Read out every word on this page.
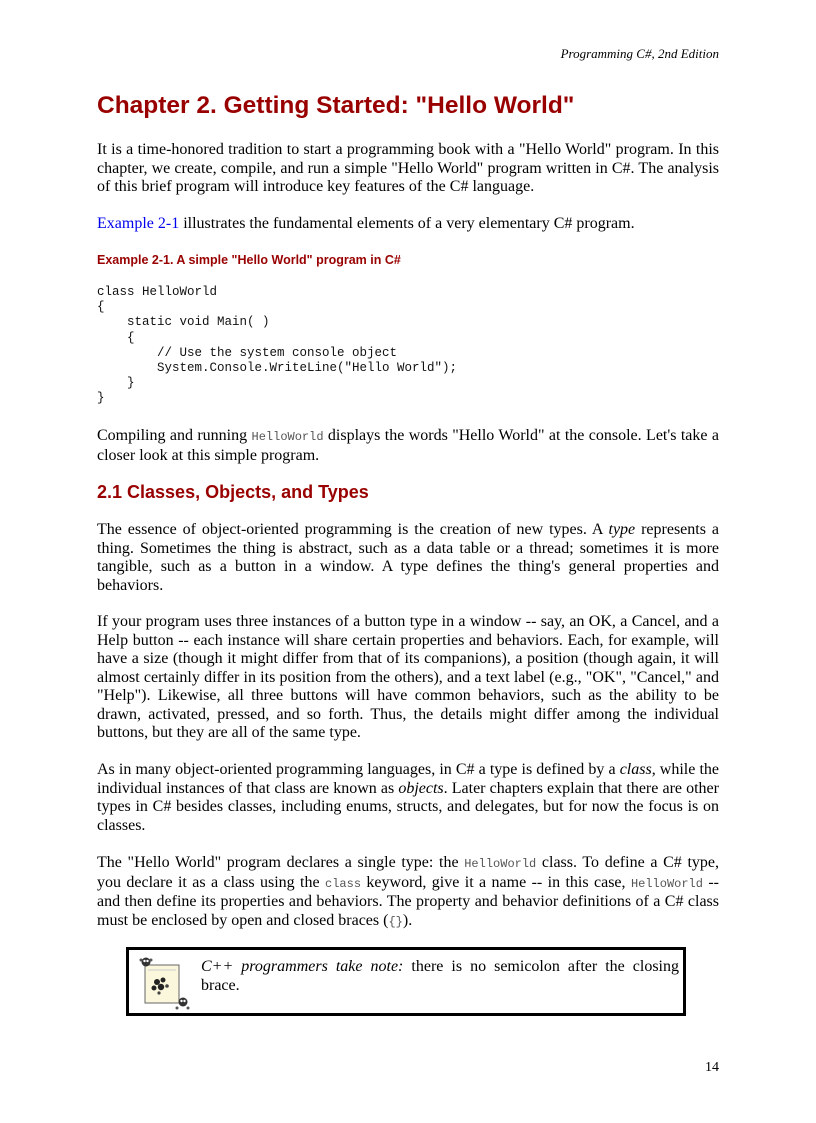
Programming C#, 2nd Edition
Chapter 2. Getting Started: "Hello World"

It is a time-honored tradition to start a programming book with a "Hello World" program. In this chapter, we create, compile, and run a simple "Hello World" program written in C#. The analysis of this brief program will introduce key features of the C# language.

Example 2-1 illustrates the fundamental elements of a very elementary C# program.

Example 2-1. A simple "Hello World" program in C#
class HelloWorld
{
static void Main( )
{
// Use the system console object
System.Console.WriteLine("Hello World");
}
}

Compiling and running HelloWorld displays the words "Hello World" at the console. Let's take a closer look at this simple program.

2.1 Classes, Objects, and Types

The essence of object-oriented programming is the creation of new types. A type represents a thing. Sometimes the thing is abstract, such as a data table or a thread; sometimes it is more tangible, such as a button in a window. A type defines the thing's general properties and behaviors.

If your program uses three instances of a button type in a window -- say, an OK, a Cancel, and a Help button -- each instance will share certain properties and behaviors. Each, for example, will have a size (though it might differ from that of its companions), a position (though again, it will almost certainly differ in its position from the others), and a text label (e.g., "OK", "Cancel," and "Help"). Likewise, all three buttons will have common behaviors, such as the ability to be drawn, activated, pressed, and so forth. Thus, the details might differ among the individual buttons, but they are all of the same type.

As in many object-oriented programming languages, in C# a type is defined by a class, while the individual instances of that class are known as objects. Later chapters explain that there are other types in C# besides classes, including enums, structs, and delegates, but for now the focus is on classes.

The "Hello World" program declares a single type: the HelloWorld class. To define a C# type, you declare it as a class using the class keyword, give it a name -- in this case, HelloWorld -- and then define its properties and behaviors. The property and behavior definitions of a C# class must be enclosed by open and closed braces ({}).

C++ programmers take note: there is no semicolon after the closing brace.

14
